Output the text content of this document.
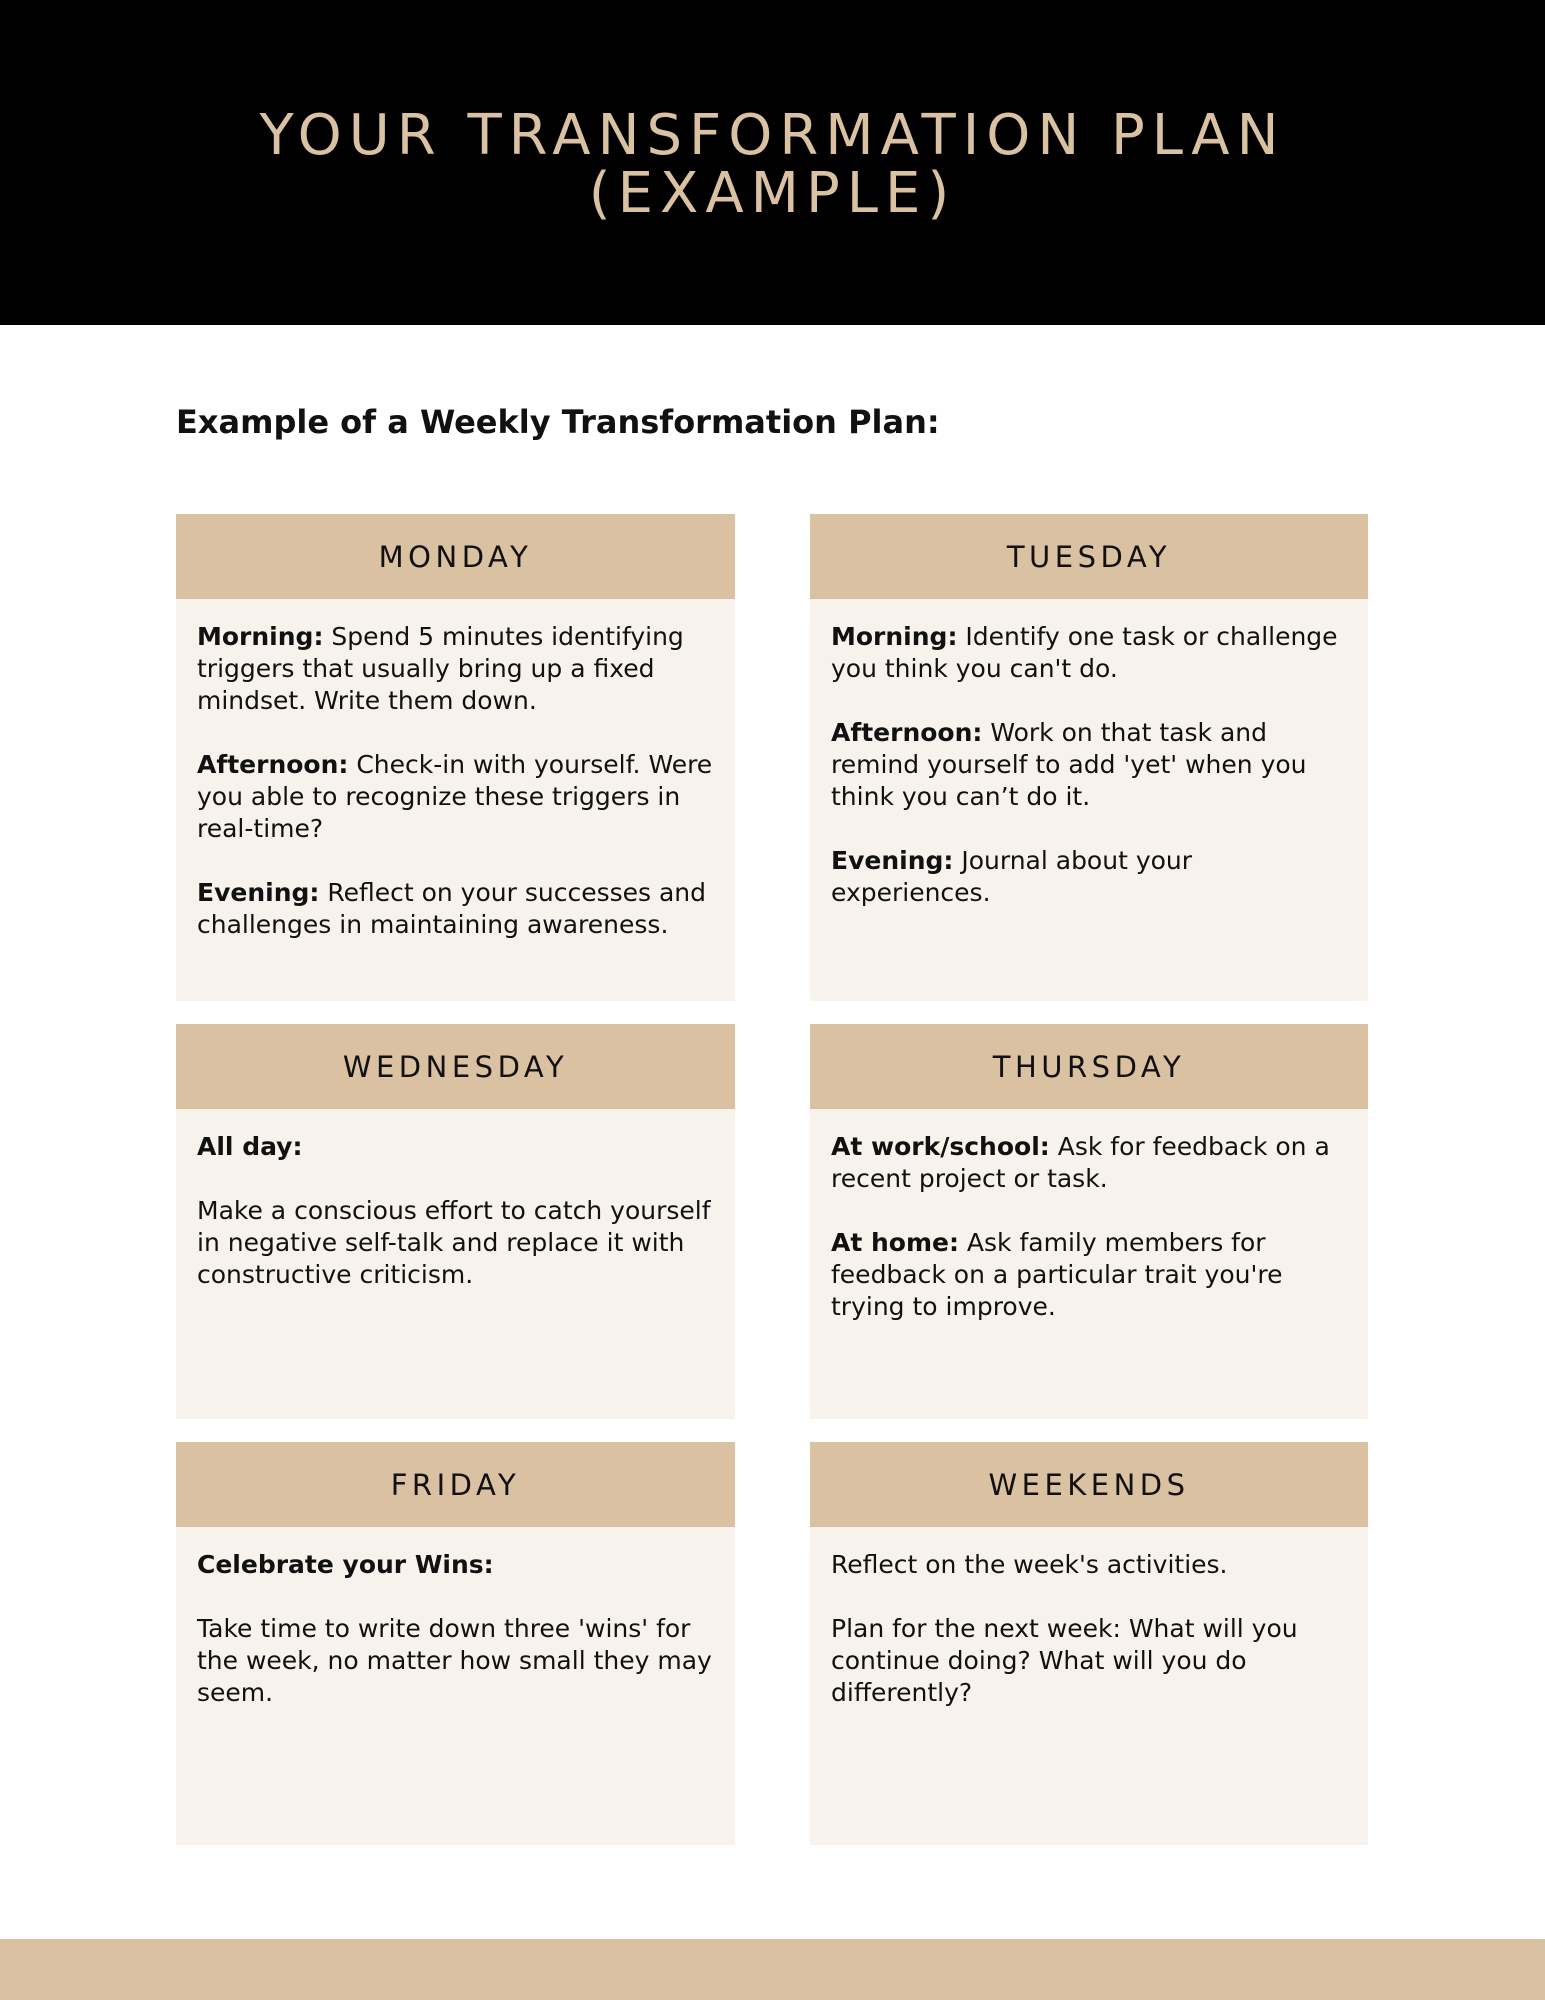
YOUR TRANSFORMATION PLAN
(EXAMPLE)
Example of a Weekly Transformation Plan:
MONDAY

Morning: Spend 5 minutes identifying triggers that usually bring up a fixed mindset. Write them down.

Afternoon: Check-in with yourself. Were you able to recognize these triggers in real-time?

Evening: Reflect on your successes and challenges in maintaining awareness.

TUESDAY

Morning: Identify one task or challenge you think you can't do.

Afternoon: Work on that task and remind yourself to add 'yet' when you think you can’t do it.

Evening: Journal about your experiences.

WEDNESDAY

All day:

Make a conscious effort to catch yourself in negative self-talk and replace it with constructive criticism.

THURSDAY

At work/school: Ask for feedback on a recent project or task.

At home: Ask family members for feedback on a particular trait you're trying to improve.

FRIDAY

Celebrate your Wins:

Take time to write down three 'wins' for the week, no matter how small they may seem.

WEEKENDS

Reflect on the week's activities.

Plan for the next week: What will you continue doing? What will you do differently?
